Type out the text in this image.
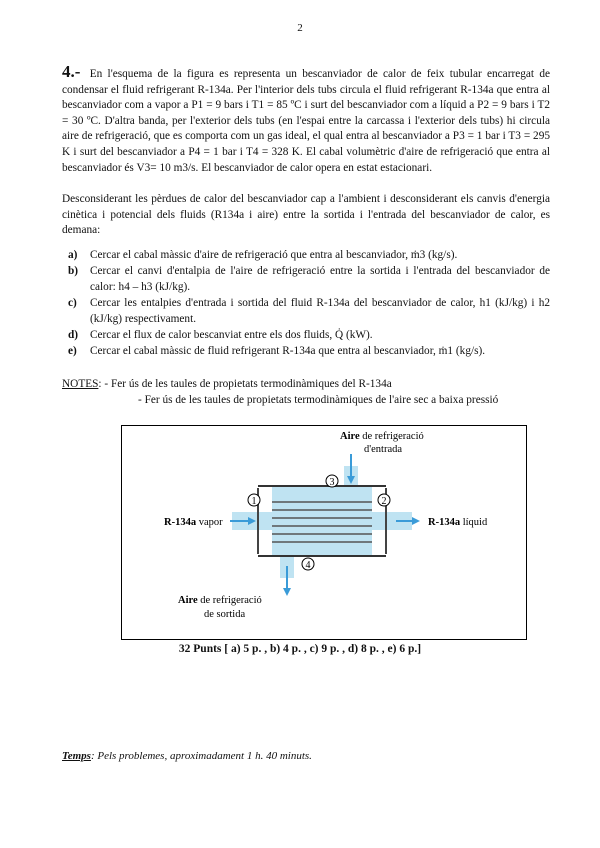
2
4.- En l'esquema de la figura es representa un bescanviador de calor de feix tubular encarregat de condensar el fluid refrigerant R-134a. Per l'interior dels tubs circula el fluid refrigerant R-134a que entra al bescanviador com a vapor a P1 = 9 bars i T1 = 85 ºC i surt del bescanviador com a líquid a P2 = 9 bars i T2 = 30 ºC. D'altra banda, per l'exterior dels tubs (en l'espai entre la carcassa i l'exterior dels tubs) hi circula aire de refrigeració, que es comporta com un gas ideal, el qual entra al bescanviador a P3 = 1 bar i T3 = 295 K i surt del bescanviador a P4 = 1 bar i T4 = 328 K. El cabal volumètric d'aire de refrigeració que entra al bescanviador és V3= 10 m3/s. El bescanviador de calor opera en estat estacionari.
Desconsiderant les pèrdues de calor del bescanviador cap a l'ambient i desconsiderant els canvis d'energia cinètica i potencial dels fluids (R134a i aire) entre la sortida i l'entrada del bescanviador de calor, es demana:
a)	Cercar el cabal màssic d'aire de refrigeració que entra al bescanviador, ṁ3 (kg/s).
b)	Cercar el canvi d'entalpia de l'aire de refrigeració entre la sortida i l'entrada del bescanviador de calor: h4 – h3 (kJ/kg).
c)	Cercar les entalpies d'entrada i sortida del fluid R-134a del bescanviador de calor, h1 (kJ/kg) i h2 (kJ/kg) respectivament.
d)	Cercar el flux de calor bescanviat entre els dos fluids, Q̇ (kW).
e)	Cercar el cabal màssic de fluid refrigerant R-134a que entra al bescanviador, ṁ1 (kg/s).
NOTES: - Fer ús de les taules de propietats termodinàmiques del R-134a
- Fer ús de les taules de propietats termodinàmiques de l'aire sec a baixa pressió
1	2
3
4
Aire de refrigeració
d'entrada
R-134a vapor	R-134a líquid
Aire de refrigeració
de sortida
32 Punts [ a) 5 p. , b) 4 p. , c) 9 p. , d) 8 p. , e) 6 p.]
Temps: Pels problemes, aproximadament 1 h. 40 minuts.
